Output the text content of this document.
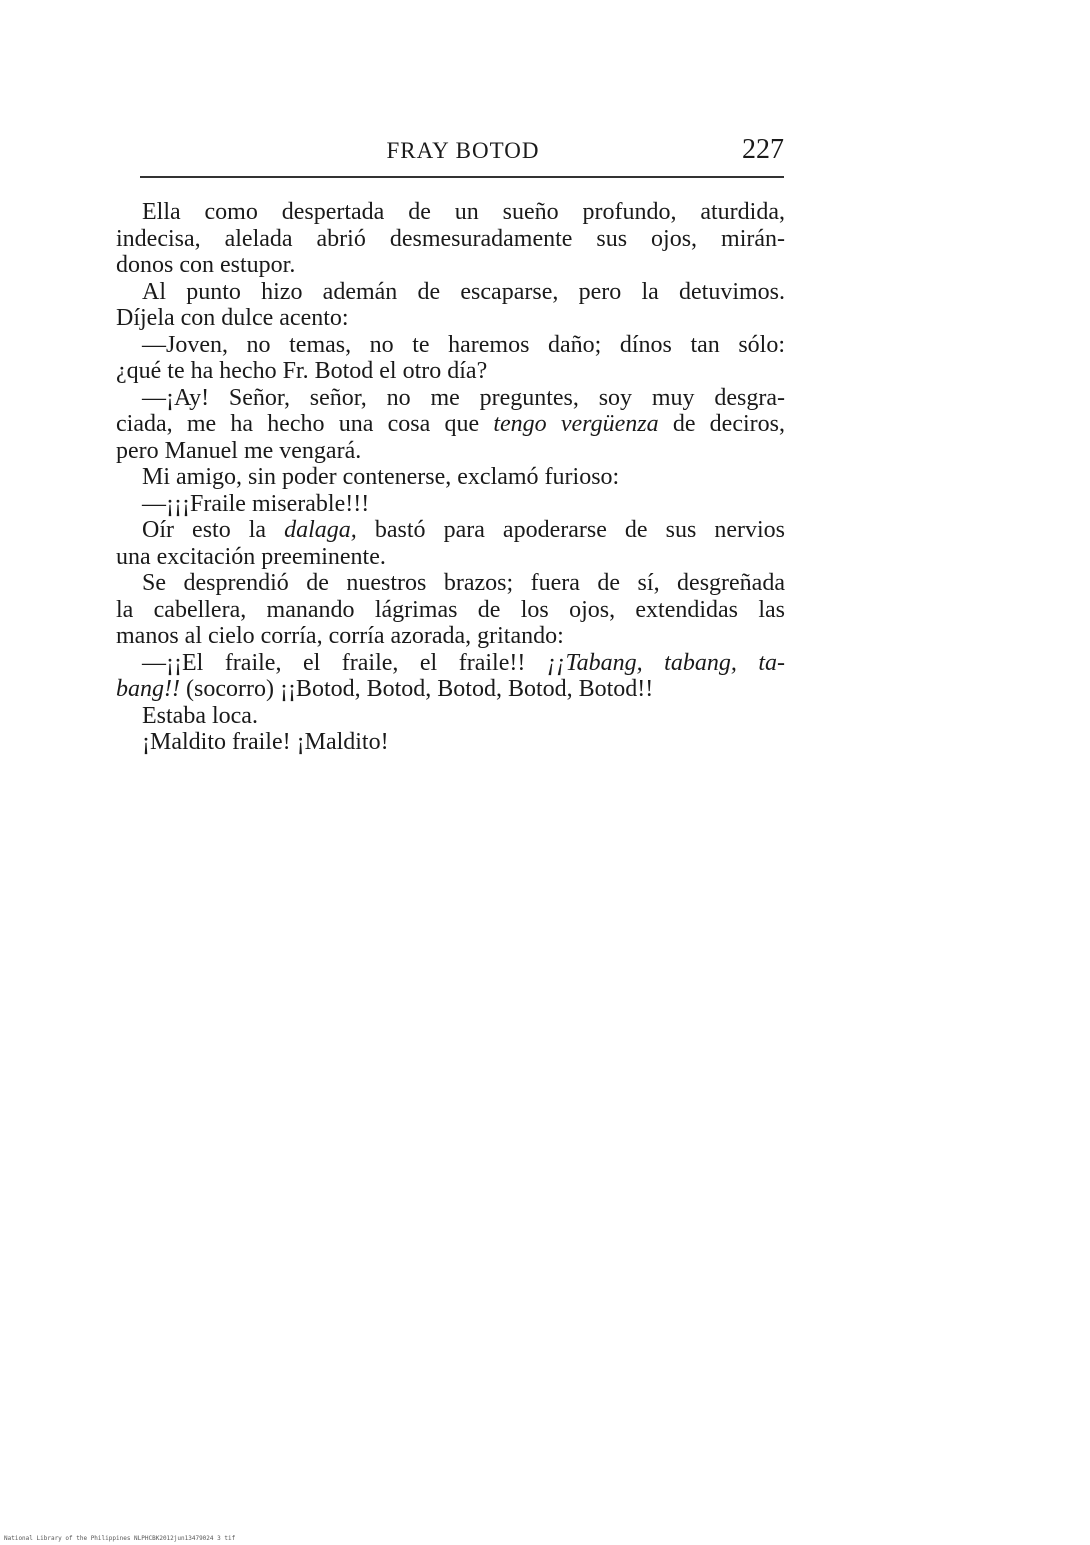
FRAY BOTOD	227
Ella como despertada de un sueño profundo, aturdida,
indecisa, alelada abrió desmesuradamente sus ojos, mirán-
donos con estupor.
Al punto hizo ademán de escaparse, pero la detuvimos.
Díjela con dulce acento:
—Joven, no temas, no te haremos daño; dínos tan sólo:
¿qué te ha hecho Fr. Botod el otro día?
—¡Ay! Señor, señor, no me preguntes, soy muy desgra-
ciada, me ha hecho una cosa que tengo vergüenza de deciros,
pero Manuel me vengará.
Mi amigo, sin poder contenerse, exclamó furioso:
—¡¡¡Fraile miserable!!!
Oír esto la dalaga, bastó para apoderarse de sus nervios
una excitación preeminente.
Se desprendió de nuestros brazos; fuera de sí, desgreñada
la cabellera, manando lágrimas de los ojos, extendidas las
manos al cielo corría, corría azorada, gritando:
—¡¡El fraile, el fraile, el fraile!! ¡¡Tabang, tabang, ta-
bang!! (socorro) ¡¡Botod, Botod, Botod, Botod, Botod!!
Estaba loca.
¡Maldito fraile! ¡Maldito!
National Library of the Philippines NLPHCBK2012jun13479024 3 tif
